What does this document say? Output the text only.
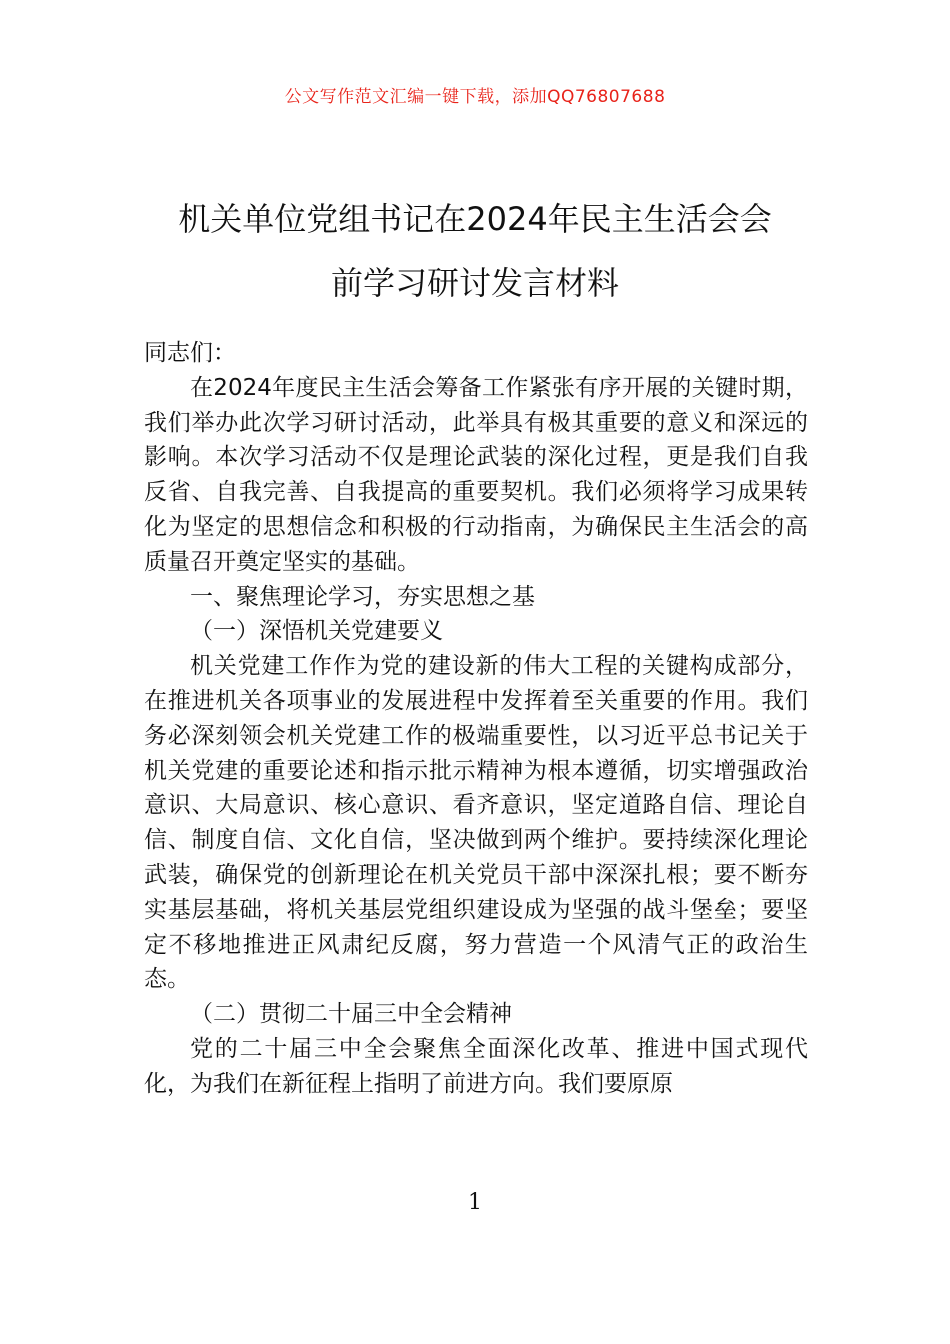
公文写作范文汇编一键下载，添加QQ76807688
机关单位党组书记在2024年民主生活会会
前学习研讨发言材料

同志们：

在2024年度民主生活会筹备工作紧张有序开展的关键时期，我们举办此次学习研讨活动，此举具有极其重要的意义和深远的影响。本次学习活动不仅是理论武装的深化过程，更是我们自我反省、自我完善、自我提高的重要契机。我们必须将学习成果转化为坚定的思想信念和积极的行动指南，为确保民主生活会的高质量召开奠定坚实的基础。

一、聚焦理论学习，夯实思想之基

（一）深悟机关党建要义

机关党建工作作为党的建设新的伟大工程的关键构成部分，在推进机关各项事业的发展进程中发挥着至关重要的作用。我们务必深刻领会机关党建工作的极端重要性，以习近平总书记关于机关党建的重要论述和指示批示精神为根本遵循，切实增强政治意识、大局意识、核心意识、看齐意识，坚定道路自信、理论自信、制度自信、文化自信，坚决做到两个维护。要持续深化理论武装，确保党的创新理论在机关党员干部中深深扎根；要不断夯实基层基础，将机关基层党组织建设成为坚强的战斗堡垒；要坚定不移地推进正风肃纪反腐，努力营造一个风清气正的政治生态。

（二）贯彻二十届三中全会精神

党的二十届三中全会聚焦全面深化改革、推进中国式现代化，为我们在新征程上指明了前进方向。我们要原原

1
